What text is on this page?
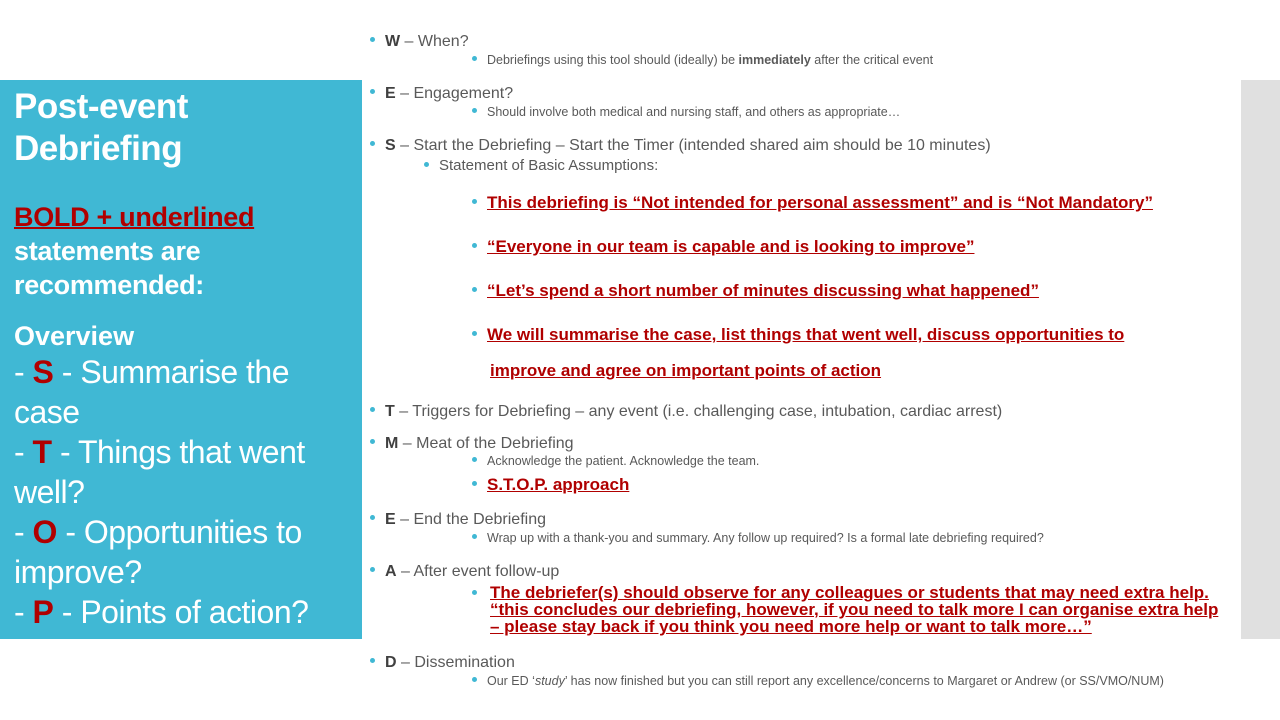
Post-event
Debriefing
BOLD + underlined
statements are
recommended:
Overview
- S - Summarise the case
- T - Things that went well?
- O - Opportunities to improve?
- P - Points of action?
W – When?
Debriefings using this tool should (ideally) be immediately after the critical event
E – Engagement?
Should involve both medical and nursing staff, and others as appropriate…
S – Start the Debriefing – Start the Timer (intended shared aim should be 10 minutes)
Statement of Basic Assumptions:
This debriefing is “Not intended for personal assessment” and is “Not Mandatory”
“Everyone in our team is capable and is looking to improve”
“Let’s spend a short number of minutes discussing what happened”
We will summarise the case, list things that went well, discuss opportunities to
improve and agree on important points of action
T – Triggers for Debriefing – any event (i.e. challenging case, intubation, cardiac arrest)
M – Meat of the Debriefing
Acknowledge the patient. Acknowledge the team.
S.T.O.P. approach
E – End the Debriefing
Wrap up with a thank-you and summary. Any follow up required? Is a formal late debriefing required?
A – After event follow-up
The debriefer(s) should observe for any colleagues or students that may need extra help. “this concludes our debriefing, however, if you need to talk more I can organise extra help – please stay back if you think you need more help or want to talk more…”
D – Dissemination
Our ED ‘study’ has now finished but you can still report any excellence/concerns to Margaret or Andrew (or SS/VMO/NUM)
